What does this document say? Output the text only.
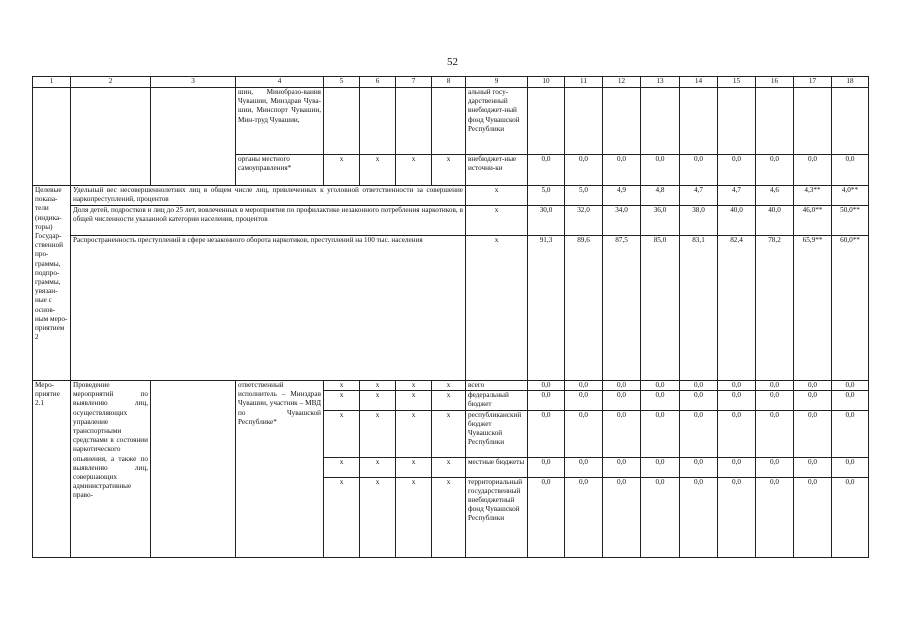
52
1	2	3	4	5	6	7	8	9	10	11	12	13	14	15	16	17	18
			шин, Минобразо-вания Чувашии, Минздрав Чува-шии, Минспорт Чувашии, Мин-труд Чувашии,					альный госу-дарственный внебюджет-ный фонд Чувашской Республики									
			органы местного самоуправления*	x	x	x	x	внебюджет-ные источни-ки	0,0	0,0	0,0	0,0	0,0	0,0	0,0	0,0	0,0
Целевые показа-тели (индика-торы) Государ-ственной про-граммы, подпро-граммы, увязан-ные с основ-ным меро-приятием 2	Удельный вес несовершеннолетних лиц в общем числе лиц, привлеченных к уголовной ответственности за совершение наркопреступлений, процентов							x	5,0	5,0	4,9	4,8	4,7	4,7	4,6	4,3**	4,0**
	Доля детей, подростков и лиц до 25 лет, вовлеченных в мероприятия по профилактике незаконного потребления наркотиков, в общей численности указанной категории населения, процентов							x	30,0	32,0	34,0	36,0	38,0	40,0	40,0	46,0**	50,0**
	Распространенность преступлений в сфере незаконного оборота наркотиков, преступлений на 100 тыс. населения							x	91,3	89,6	87,5	85,0	83,1	82,4	78,2	65,9**	60,0**
Меро-приятие 2.1	Проведение мероприятий по выявлению лиц, осуществляющих управление транспортными средствами в состоянии наркотического опьянения, а также по выявлению лиц, совершающих административные право-		ответственный исполнитель – Минздрав Чувашии, участник – МВД по Чувашской Республике*	x	x	x	x	всего	0,0	0,0	0,0	0,0	0,0	0,0	0,0	0,0	0,0
				x	x	x	x	федеральный бюджет	0,0	0,0	0,0	0,0	0,0	0,0	0,0	0,0	0,0
				x	x	x	x	республиканский бюджет Чувашской Республики	0,0	0,0	0,0	0,0	0,0	0,0	0,0	0,0	0,0
				x	x	x	x	местные бюджеты	0,0	0,0	0,0	0,0	0,0	0,0	0,0	0,0	0,0
				x	x	x	x	территориальный государственный внебюджетный фонд Чувашской Республики	0,0	0,0	0,0	0,0	0,0	0,0	0,0	0,0	0,0
